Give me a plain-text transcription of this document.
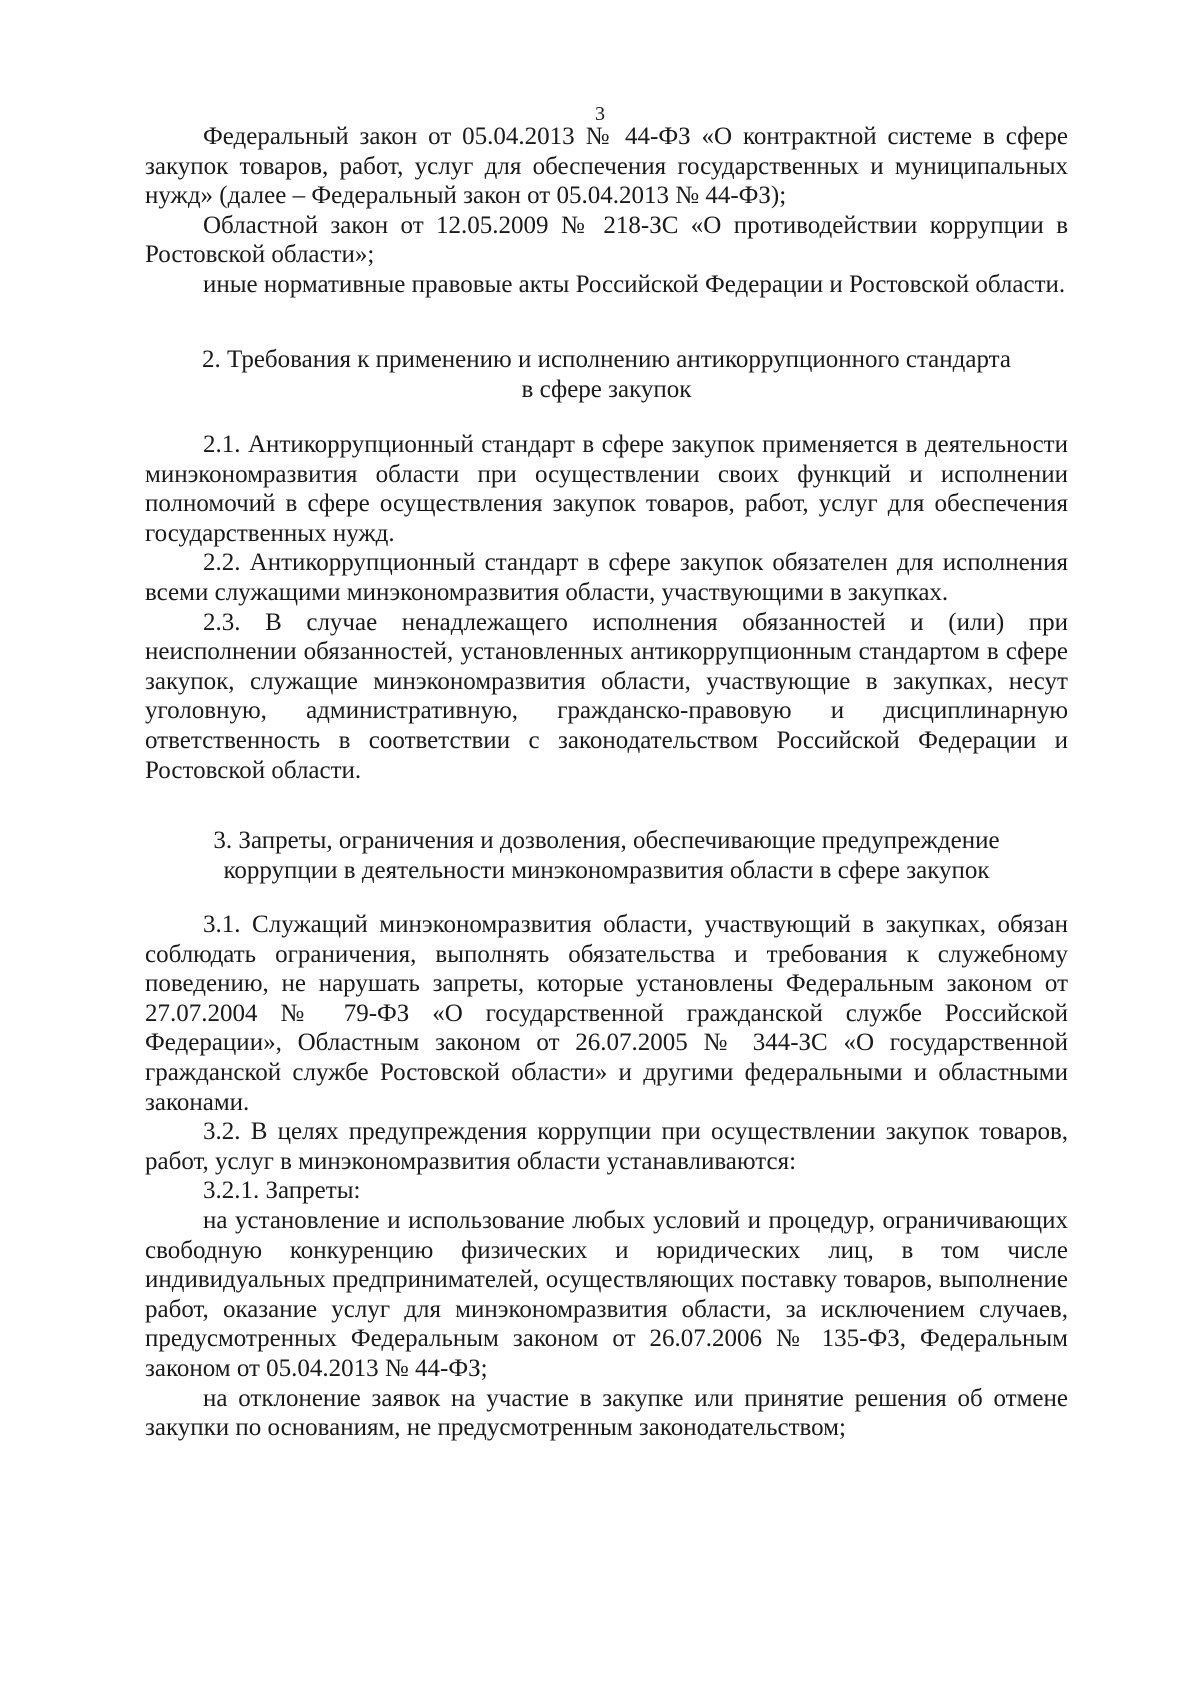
3

Федеральный закон от 05.04.2013 № 44-ФЗ «О контрактной системе в сфере закупок товаров, работ, услуг для обеспечения государственных и муниципальных нужд» (далее – Федеральный закон от 05.04.2013 № 44-ФЗ);

Областной закон от 12.05.2009 № 218-ЗС «О противодействии коррупции в Ростовской области»;

иные нормативные правовые акты Российской Федерации и Ростовской области.

2. Требования к применению и исполнению антикоррупционного стандарта

в сфере закупок

2.1. Антикоррупционный стандарт в сфере закупок применяется в деятельности минэкономразвития области при осуществлении своих функций и исполнении полномочий в сфере осуществления закупок товаров, работ, услуг для обеспечения государственных нужд.

2.2. Антикоррупционный стандарт в сфере закупок обязателен для исполнения всеми служащими минэкономразвития области, участвующими в закупках.

2.3. В случае ненадлежащего исполнения обязанностей и (или) при неисполнении обязанностей, установленных антикоррупционным стандартом в сфере закупок, служащие минэкономразвития области, участвующие в закупках, несут уголовную, административную, гражданско-правовую и дисциплинарную ответственность в соответствии с законодательством Российской Федерации и Ростовской области.

3. Запреты, ограничения и дозволения, обеспечивающие предупреждение

коррупции в деятельности минэкономразвития области в сфере закупок

3.1. Служащий минэкономразвития области, участвующий в закупках, обязан соблюдать ограничения, выполнять обязательства и требования к служебному поведению, не нарушать запреты, которые установлены Федеральным законом от 27.07.2004 № 79-ФЗ «О государственной гражданской службе Российской Федерации», Областным законом от 26.07.2005 № 344-ЗС «О государственной гражданской службе Ростовской области» и другими федеральными и областными законами.

3.2. В целях предупреждения коррупции при осуществлении закупок товаров, работ, услуг в минэкономразвития области устанавливаются:

3.2.1. Запреты:

на установление и использование любых условий и процедур, ограничивающих свободную конкуренцию физических и юридических лиц, в том числе индивидуальных предпринимателей, осуществляющих поставку товаров, выполнение работ, оказание услуг для минэкономразвития области, за исключением случаев, предусмотренных Федеральным законом от 26.07.2006 № 135-ФЗ, Федеральным законом от 05.04.2013 № 44-ФЗ;

на отклонение заявок на участие в закупке или принятие решения об отмене закупки по основаниям, не предусмотренным законодательством;
